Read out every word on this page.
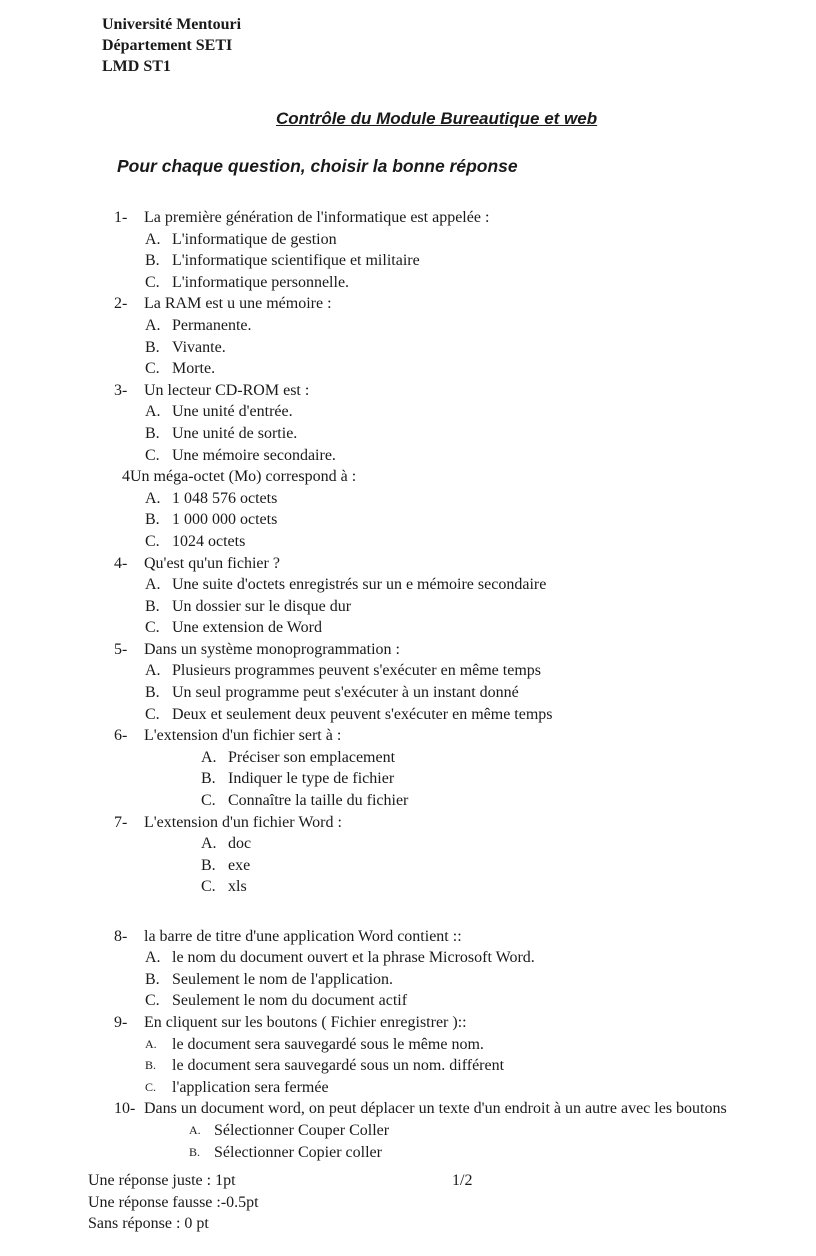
Université Mentouri
Département SETI
LMD ST1
Contrôle du Module Bureautique et web
Pour chaque question, choisir la bonne réponse
1- La première génération de l'informatique est appelée :
A. L'informatique de gestion
B. L'informatique scientifique et militaire
C. L'informatique personnelle.
2- La RAM est u une mémoire :
A. Permanente.
B. Vivante.
C. Morte.
3- Un lecteur CD-ROM est :
A. Une unité d'entrée.
B. Une unité de sortie.
C. Une mémoire secondaire.
4Un méga-octet (Mo) correspond à :
A. 1 048 576 octets
B. 1 000 000 octets
C. 1024 octets
4- Qu'est qu'un fichier ?
A. Une suite d'octets enregistrés sur un e mémoire secondaire
B. Un dossier sur le disque dur
C. Une extension de Word
5- Dans un système monoprogrammation :
A. Plusieurs programmes peuvent s'exécuter en même temps
B. Un seul programme peut s'exécuter à un instant donné
C. Deux et seulement deux peuvent s'exécuter en même temps
6- L'extension d'un fichier sert à :
A. Préciser son emplacement
B. Indiquer le type de fichier
C. Connaître la taille du fichier
7- L'extension d'un fichier Word :
A. doc
B. exe
C. xls
8- la barre de titre d'une application Word contient ::
A. le nom du document ouvert et la phrase Microsoft Word.
B. Seulement le nom de l'application.
C. Seulement le nom du document actif
9- En cliquent sur les boutons ( Fichier enregistrer )::
A. le document sera sauvegardé sous le même nom.
B. le document sera sauvegardé sous un nom. différent
C. l'application sera fermée
10- Dans un document word, on peut déplacer un texte d'un endroit à un autre avec les boutons
A. Sélectionner Couper Coller
B. Sélectionner Copier coller
Une réponse juste : 1pt
Une réponse fausse :-0.5pt
Sans réponse : 0 pt
1/2
